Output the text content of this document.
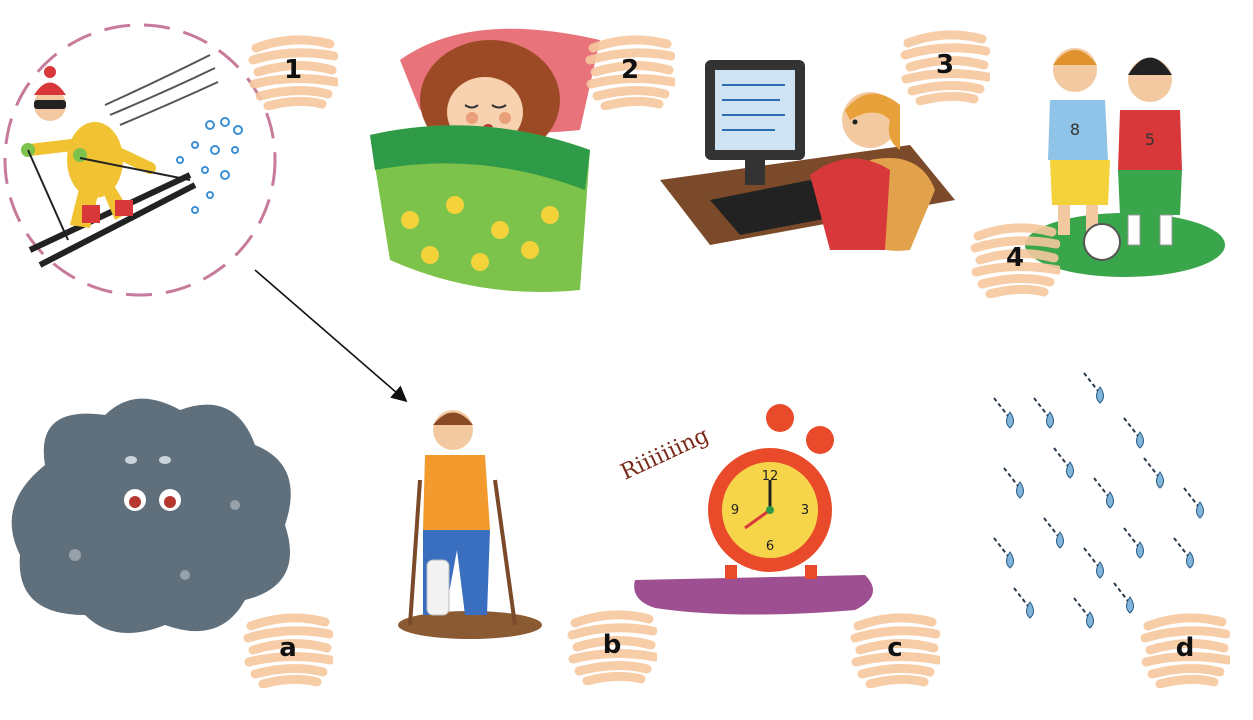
8
5
Riiiiiiing	12
3
6
9
1	2	3
4
a	b	c	d
